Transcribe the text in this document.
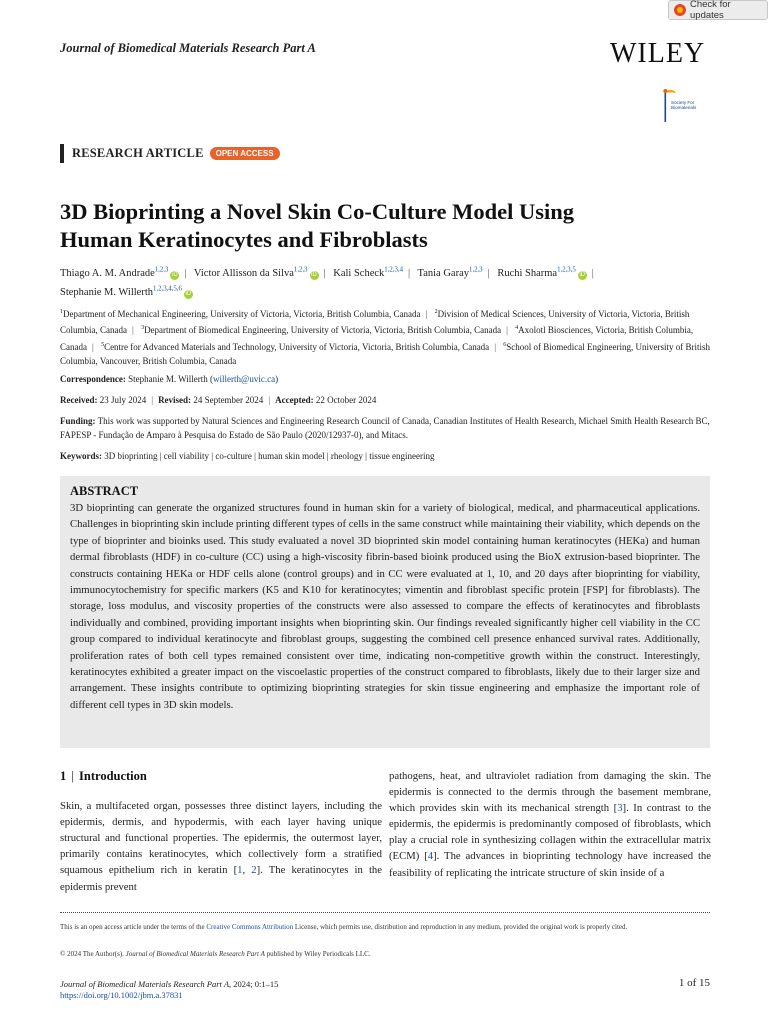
Check for updates
Journal of Biomedical Materials Research Part A	WILEY
Society For
Biomaterials
RESEARCH ARTICLE	OPEN ACCESS
3D Bioprinting a Novel Skin Co-Culture Model Using
Human Keratinocytes and Fibroblasts
Thiago A. M. Andrade$^{1,2,3}$iD | Victor Allisson da Silva$^{1,2,3}$iD | Kali Scheck$^{1,2,3,4}$ | Tania Garay$^{1,2,3}$ | Ruchi Sharma$^{1,2,3,5}$iD |
Stephanie M. Willerth$^{1,2,3,4,5,6}$iD
$^1$Department of Mechanical Engineering, University of Victoria, Victoria, British Columbia, Canada | $^2$Division of Medical Sciences, University of Victoria, Victoria, British Columbia, Canada | $^3$Department of Biomedical Engineering, University of Victoria, Victoria, British Columbia, Canada | $^4$Axolotl Biosciences, Victoria, British Columbia, Canada | $^5$Centre for Advanced Materials and Technology, University of Victoria, Victoria, British Columbia, Canada | $^6$School of Biomedical Engineering, University of British Columbia, Vancouver, British Columbia, Canada
Correspondence: Stephanie M. Willerth (willerth@uvic.ca)
Received: 23 July 2024 | Revised: 24 September 2024 | Accepted: 22 October 2024
Funding: This work was supported by Natural Sciences and Engineering Research Council of Canada, Canadian Institutes of Health Research, Michael Smith Health Research BC, FAPESP - Fundação de Amparo à Pesquisa do Estado de São Paulo (2020/12937-0), and Mitacs.
Keywords: 3D bioprinting | cell viability | co-culture | human skin model | rheology | tissue engineering
ABSTRACT

3D bioprinting can generate the organized structures found in human skin for a variety of biological, medical, and pharmaceutical applications. Challenges in bioprinting skin include printing different types of cells in the same construct while maintaining their viability, which depends on the type of bioprinter and bioinks used. This study evaluated a novel 3D bioprinted skin model containing human keratinocytes (HEKa) and human dermal fibroblasts (HDF) in co-culture (CC) using a high-viscosity fibrin-based bioink produced using the BioX extrusion-based bioprinter. The constructs containing HEKa or HDF cells alone (control groups) and in CC were evaluated at 1, 10, and 20 days after bioprinting for viability, immunocytochemistry for specific markers (K5 and K10 for keratinocytes; vimentin and fibroblast specific protein [FSP] for fibroblasts). The storage, loss modulus, and viscosity properties of the constructs were also assessed to compare the effects of keratinocytes and fibroblasts individually and combined, providing important insights when bioprinting skin. Our findings revealed significantly higher cell viability in the CC group compared to individual keratinocyte and fibroblast groups, suggesting the combined cell presence enhanced survival rates. Additionally, proliferation rates of both cell types remained consistent over time, indicating non-competitive growth within the construct. Interestingly, keratinocytes exhibited a greater impact on the viscoelastic properties of the construct compared to fibroblasts, likely due to their larger size and arrangement. These insights contribute to optimizing bioprinting strategies for skin tissue engineering and emphasize the important role of different cell types in 3D skin models.

1 | Introduction

Skin, a multifaceted organ, possesses three distinct layers, including the epidermis, dermis, and hypodermis, with each layer having unique structural and functional properties. The epidermis, the outermost layer, primarily contains keratinocytes, which collectively form a stratified squamous epithelium rich in keratin [1, 2]. The keratinocytes in the epidermis prevent

pathogens, heat, and ultraviolet radiation from damaging the skin. The epidermis is connected to the dermis through the basement membrane, which provides skin with its mechanical strength [3]. In contrast to the epidermis, the epidermis is predominantly composed of fibroblasts, which play a crucial role in synthesizing collagen within the extracellular matrix (ECM) [4]. The advances in bioprinting technology have increased the feasibility of replicating the intricate structure of skin inside of a

This is an open access article under the terms of the Creative Commons Attribution License, which permits use, distribution and reproduction in any medium, provided the original work is properly cited.
© 2024 The Author(s). Journal of Biomedical Materials Research Part A published by Wiley Periodicals LLC.
Journal of Biomedical Materials Research Part A, 2024; 0:1–15
https://doi.org/10.1002/jbm.a.37831
1 of 15
